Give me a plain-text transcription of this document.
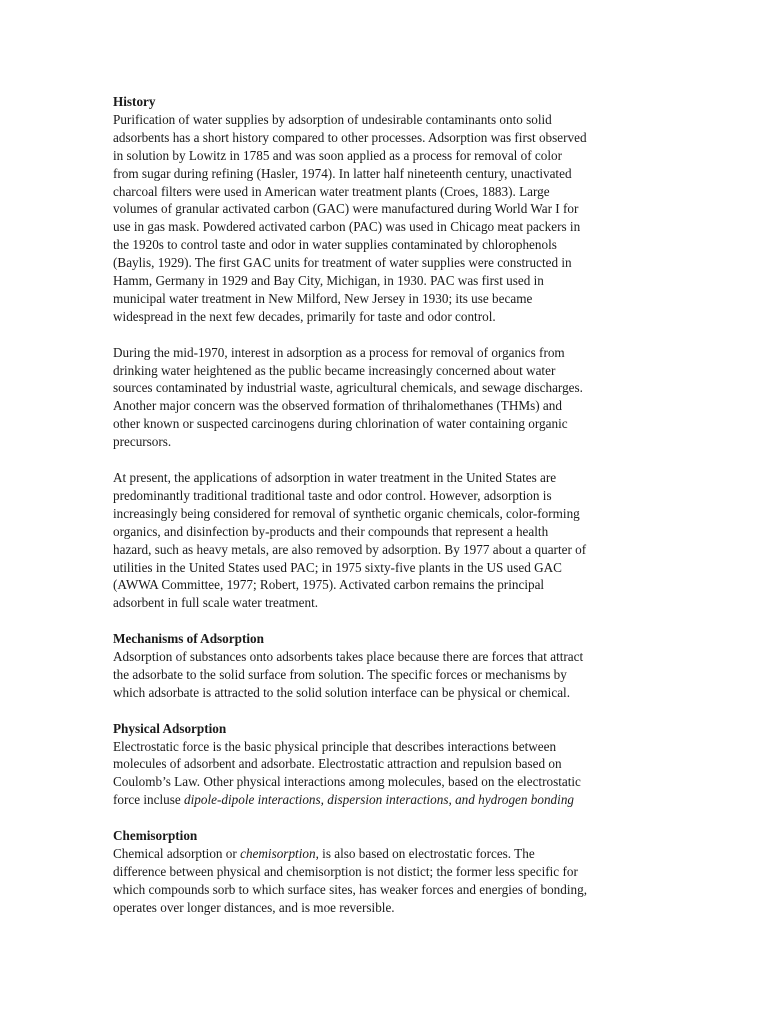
History

Purification of water supplies by adsorption of undesirable contaminants onto solid
adsorbents has a short history compared to other processes. Adsorption was first observed
in solution by Lowitz in 1785 and was soon applied as a process for removal of color
from sugar during refining (Hasler, 1974). In latter half nineteenth century, unactivated
charcoal filters were used in American water treatment plants (Croes, 1883). Large
volumes of granular activated carbon (GAC) were manufactured during World War I for
use in gas mask. Powdered activated carbon (PAC) was used in Chicago meat packers in
the 1920s to control taste and odor in water supplies contaminated by chlorophenols
(Baylis, 1929). The first GAC units for treatment of water supplies were constructed in
Hamm, Germany in 1929 and Bay City, Michigan, in 1930. PAC was first used in
municipal water treatment in New Milford, New Jersey in 1930; its use became
widespread in the next few decades, primarily for taste and odor control.

During the mid-1970, interest in adsorption as a process for removal of organics from
drinking water heightened as the public became increasingly concerned about water
sources contaminated by industrial waste, agricultural chemicals, and sewage discharges.
Another major concern was the observed formation of thrihalomethanes (THMs) and
other known or suspected carcinogens during chlorination of water containing organic
precursors.

At present, the applications of adsorption in water treatment in the United States are
predominantly traditional traditional taste and odor control. However, adsorption is
increasingly being considered for removal of synthetic organic chemicals, color-forming
organics, and disinfection by-products and their compounds that represent a health
hazard, such as heavy metals, are also removed by adsorption. By 1977 about a quarter of
utilities in the United States used PAC; in 1975 sixty-five plants in the US used GAC
(AWWA Committee, 1977; Robert, 1975). Activated carbon remains the principal
adsorbent in full scale water treatment.

Mechanisms of Adsorption

Adsorption of substances onto adsorbents takes place because there are forces that attract
the adsorbate to the solid surface from solution. The specific forces or mechanisms by
which adsorbate is attracted to the solid solution interface can be physical or chemical.

Physical Adsorption

Electrostatic force is the basic physical principle that describes interactions between
molecules of adsorbent and adsorbate. Electrostatic attraction and repulsion based on
Coulomb’s Law. Other physical interactions among molecules, based on the electrostatic
force incluse dipole-dipole interactions, dispersion interactions, and hydrogen bonding

Chemisorption

Chemical adsorption or chemisorption, is also based on electrostatic forces. The
difference between physical and chemisorption is not distict; the former less specific for
which compounds sorb to which surface sites, has weaker forces and energies of bonding,
operates over longer distances, and is moe reversible.
